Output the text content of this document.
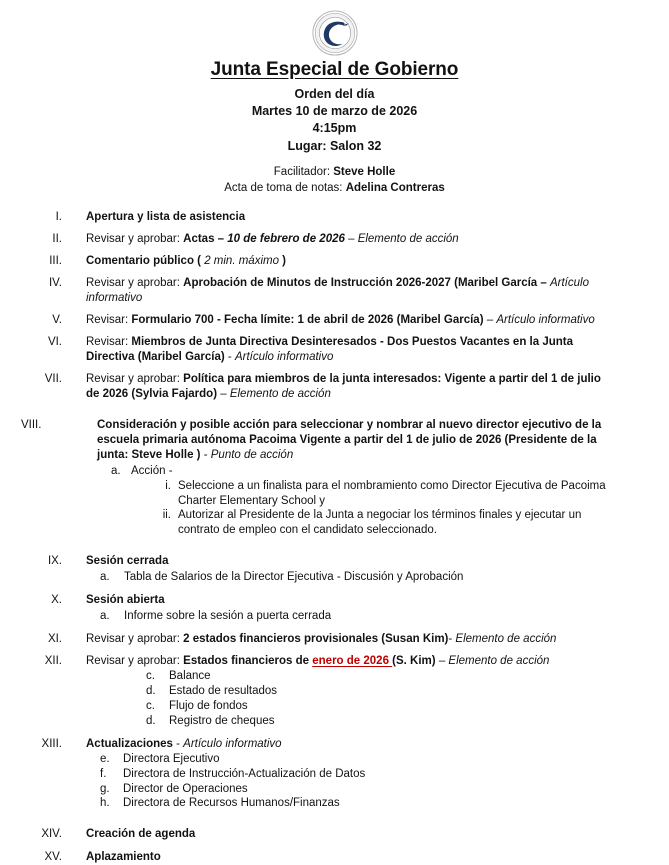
Junta Especial de Gobierno
Orden del día
Martes 10 de marzo de 2026
4:15pm
Lugar: Salon 32
Facilitador: Steve Holle
Acta de toma de notas: Adelina Contreras
I.	Apertura y lista de asistencia
II.	Revisar y aprobar: Actas – 10 de febrero de 2026 – Elemento de acción
III.	Comentario público ( 2 min. máximo )
IV.	Revisar y aprobar: Aprobación de Minutos de Instrucción 2026-2027 (Maribel García – Artículo informativo
V.	Revisar: Formulario 700 - Fecha límite: 1 de abril de 2026 (Maribel García) – Artículo informativo
VI.	Revisar: Miembros de Junta Directiva Desinteresados - Dos Puestos Vacantes en la Junta Directiva (Maribel García) - Artículo informativo
VII.	Revisar y aprobar: Política para miembros de la junta interesados: Vigente a partir del 1 de julio de 2026 (Sylvia Fajardo) – Elemento de acción
VIII.	Consideración y posible acción para seleccionar y nombrar al nuevo director ejecutivo de la escuela primaria autónoma Pacoima Vigente a partir del 1 de julio de 2026 (Presidente de la junta: Steve Holle ) - Punto de acción
a. Acción -
i. Seleccione a un finalista para el nombramiento como Director Ejecutiva de Pacoima Charter Elementary School y
ii. Autorizar al Presidente de la Junta a negociar los términos finales y ejecutar un contrato de empleo con el candidato seleccionado.
IX.	Sesión cerrada
a.	Tabla de Salarios de la Director Ejecutiva - Discusión y Aprobación
X.	Sesión abierta
a.	Informe sobre la sesión a puerta cerrada
XI.	Revisar y aprobar: 2 estados financieros provisionales (Susan Kim)- Elemento de acción
XII.	Revisar y aprobar: Estados financieros de enero de 2026 (S. Kim) – Elemento de acción
c.	Balance
d.	Estado de resultados
c.	Flujo de fondos
d.	Registro de cheques
XIII.	Actualizaciones - Artículo informativo
e.	Directora Ejecutivo
f.	Directora de Instrucción-Actualización de Datos
g.	Director de Operaciones
h.	Directora de Recursos Humanos/Finanzas
XIV.	Creación de agenda
XV.	Aplazamiento
